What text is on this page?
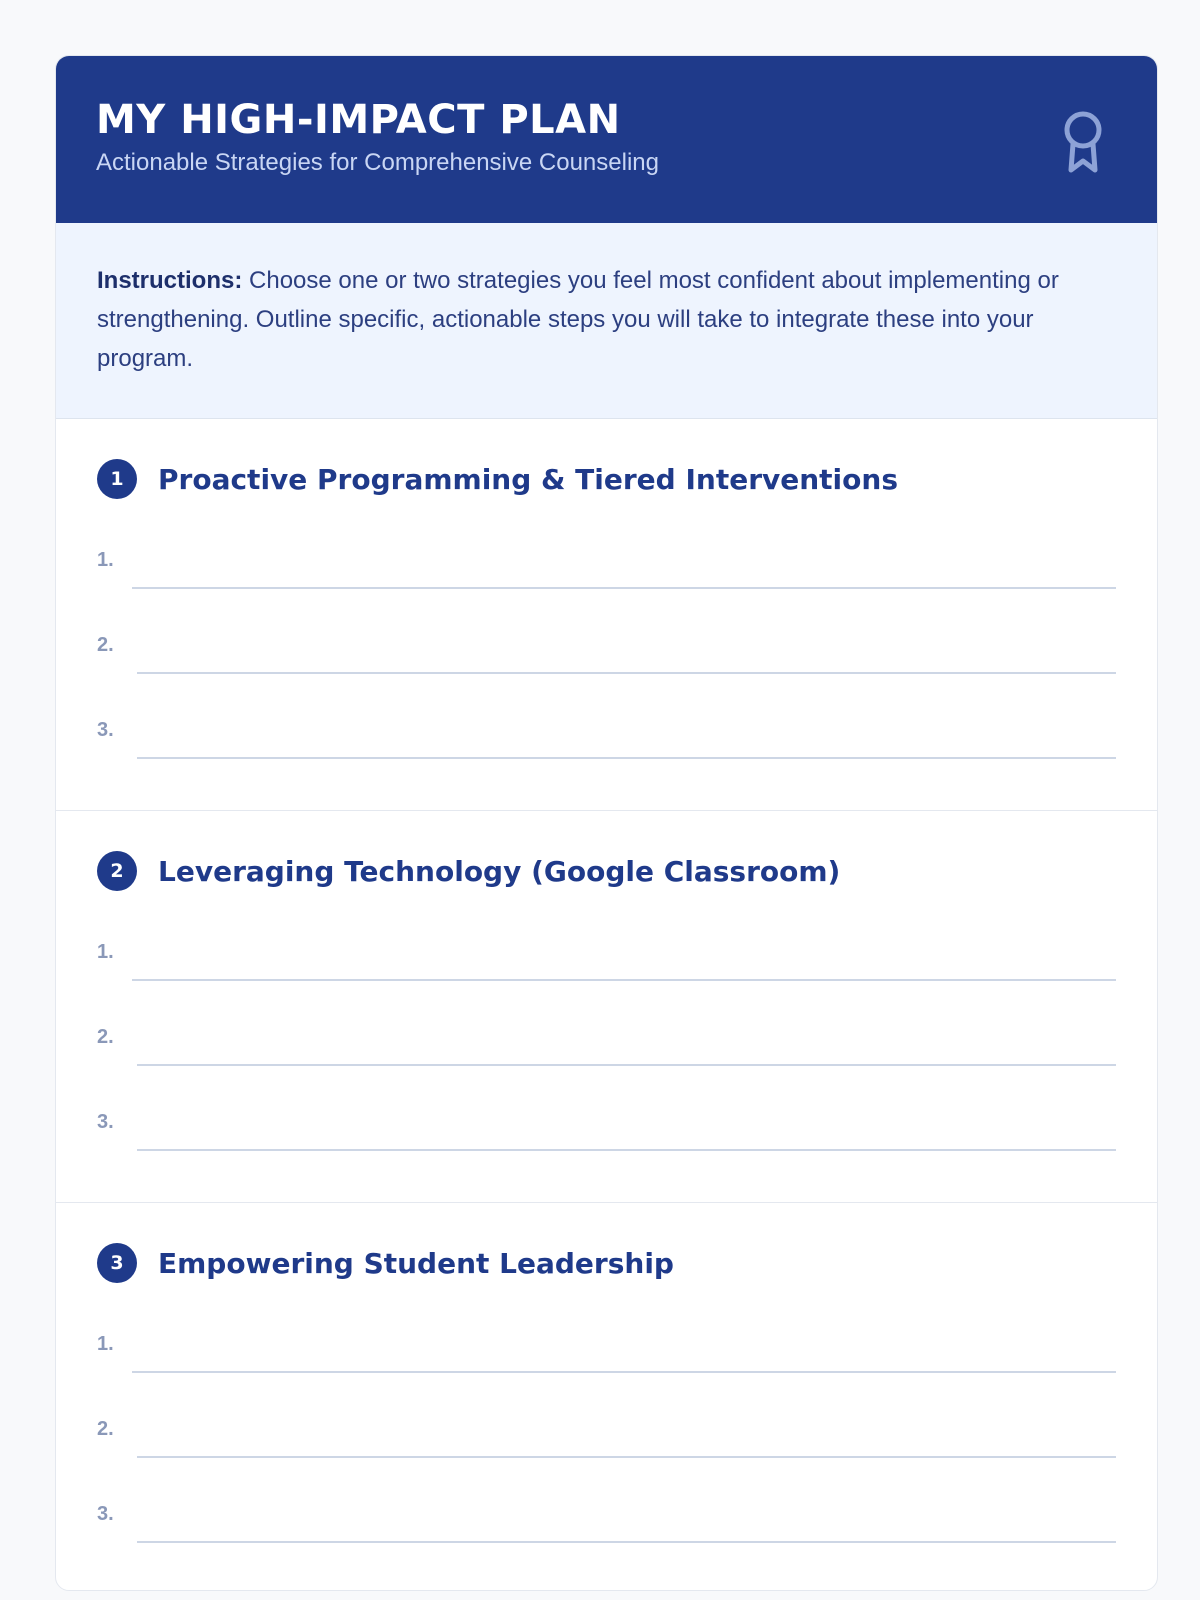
MY HIGH-IMPACT PLAN
Actionable Strategies for Comprehensive Counseling
Instructions: Choose one or two strategies you feel most confident about implementing or strengthening. Outline specific, actionable steps you will take to integrate these into your program.
1	Proactive Programming & Tiered Interventions
1.
2.
3.
2	Leveraging Technology (Google Classroom)
1.
2.
3.
3	Empowering Student Leadership
1.
2.
3.
